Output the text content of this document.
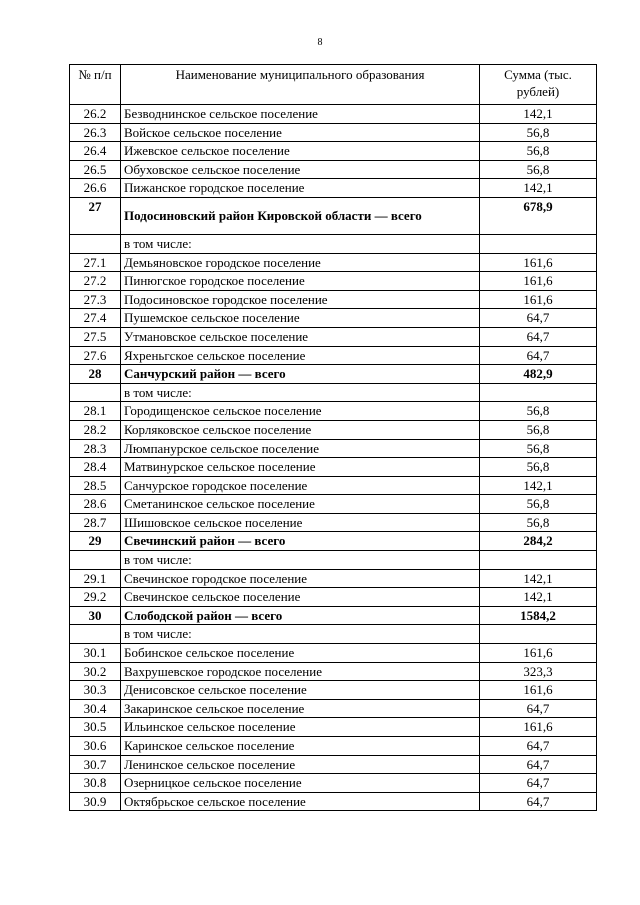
8
№ п/п	Наименование муниципального образования	Сумма (тыс. рублей)
26.2	Безводнинское сельское поселение	142,1
26.3	Войское сельское поселение	56,8
26.4	Ижевское сельское поселение	56,8
26.5	Обуховское сельское поселение	56,8
26.6	Пижанское городское поселение	142,1
27	Подосиновский район Кировской области — всего	678,9
	в том числе:	
27.1	Демьяновское городское поселение	161,6
27.2	Пинюгское городское поселение	161,6
27.3	Подосиновское городское поселение	161,6
27.4	Пушемское сельское поселение	64,7
27.5	Утмановское сельское поселение	64,7
27.6	Яхреньгское сельское поселение	64,7
28	Санчурский район — всего	482,9
	в том числе:	
28.1	Городищенское сельское поселение	56,8
28.2	Корляковское сельское поселение	56,8
28.3	Люмпанурское сельское поселение	56,8
28.4	Матвинурское сельское поселение	56,8
28.5	Санчурское городское поселение	142,1
28.6	Сметанинское сельское поселение	56,8
28.7	Шишовское сельское поселение	56,8
29	Свечинский район — всего	284,2
	в том числе:	
29.1	Свечинское городское поселение	142,1
29.2	Свечинское сельское поселение	142,1
30	Слободской район — всего	1584,2
	в том числе:	
30.1	Бобинское сельское поселение	161,6
30.2	Вахрушевское городское поселение	323,3
30.3	Денисовское сельское поселение	161,6
30.4	Закаринское сельское поселение	64,7
30.5	Ильинское сельское поселение	161,6
30.6	Каринское сельское поселение	64,7
30.7	Ленинское сельское поселение	64,7
30.8	Озерницкое сельское поселение	64,7
30.9	Октябрьское сельское поселение	64,7
